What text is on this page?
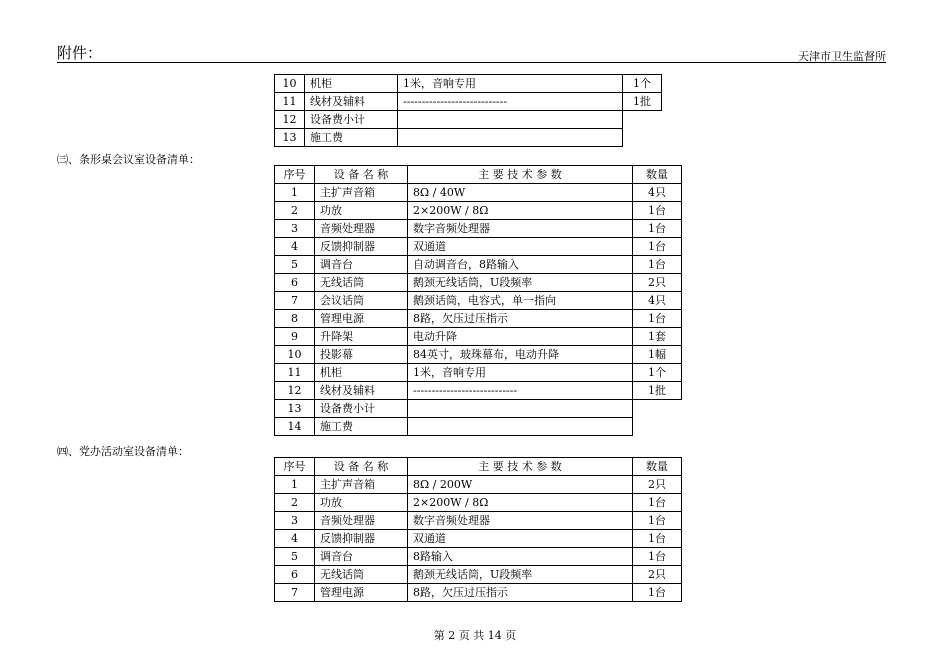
附件：	天津市卫生监督所
10	机柜	1米，音响专用	1个
11	线材及辅料	----------------------------	1批
12	设备费小计		
13	施工费		
㈢、条形桌会议室设备清单：
序号	设 备 名 称	主 要 技 术 参 数	数量
1	主扩声音箱	8Ω / 40W	4只
2	功放	2×200W / 8Ω	1台
3	音频处理器	数字音频处理器	1台
4	反馈抑制器	双通道	1台
5	调音台	自动调音台，8路输入	1台
6	无线话筒	鹅颈无线话筒，U段频率	2只
7	会议话筒	鹅颈话筒，电容式，单一指向	4只
8	管理电源	8路，欠压过压指示	1台
9	升降架	电动升降	1套
10	投影幕	84英寸，玻珠幕布，电动升降	1幅
11	机柜	1米，音响专用	1个
12	线材及辅料	----------------------------	1批
13	设备费小计		
14	施工费		
㈣、党办活动室设备清单：
序号	设 备 名 称	主 要 技 术 参 数	数量
1	主扩声音箱	8Ω / 200W	2只
2	功放	2×200W / 8Ω	1台
3	音频处理器	数字音频处理器	1台
4	反馈抑制器	双通道	1台
5	调音台	8路输入	1台
6	无线话筒	鹅颈无线话筒，U段频率	2只
7	管理电源	8路，欠压过压指示	1台
第 2 页 共 14 页
